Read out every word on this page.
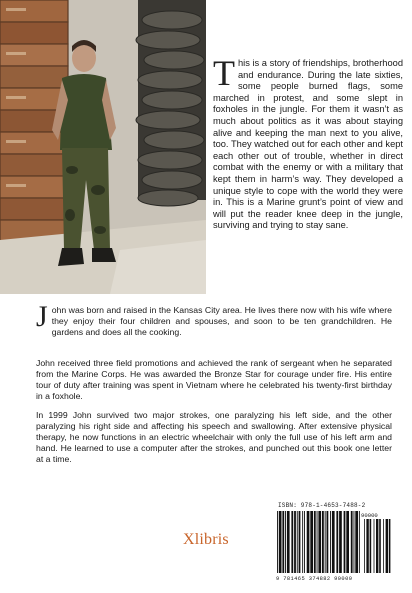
This is a story of friendships, brotherhood and endurance. During the late sixties, some people burned flags, some marched in protest, and some slept in foxholes in the jungle. For them it wasn’t as much about politics as it was about staying alive and keeping the man next to you alive, too. They watched out for each other and kept each other out of trouble, whether in direct combat with the enemy or with a military that kept them in harm’s way. They developed a unique style to cope with the world they were in. This is a Marine grunt’s point of view and will put the reader knee deep in the jungle, surviving and trying to stay sane.
John was born and raised in the Kansas City area. He lives there now with his wife where they enjoy their four children and spouses, and soon to be ten grandchildren. He gardens and does all the cooking.
John received three field promotions and achieved the rank of sergeant when he separated from the Marine Corps. He was awarded the Bronze Star for courage under fire. His entire tour of duty after training was spent in Vietnam where he celebrated his twenty-first birthday in a foxhole.
In 1999 John survived two major strokes, one paralyzing his left side, and the other paralyzing his right side and affecting his speech and swallowing. After extensive physical therapy, he now functions in an electric wheelchair with only the full use of his left arm and hand. He learned to use a computer after the strokes, and punched out this book one letter at a time.
Xlibris
ISBN: 978-1-4653-7488-2
90000
9 781465 374882 90000
